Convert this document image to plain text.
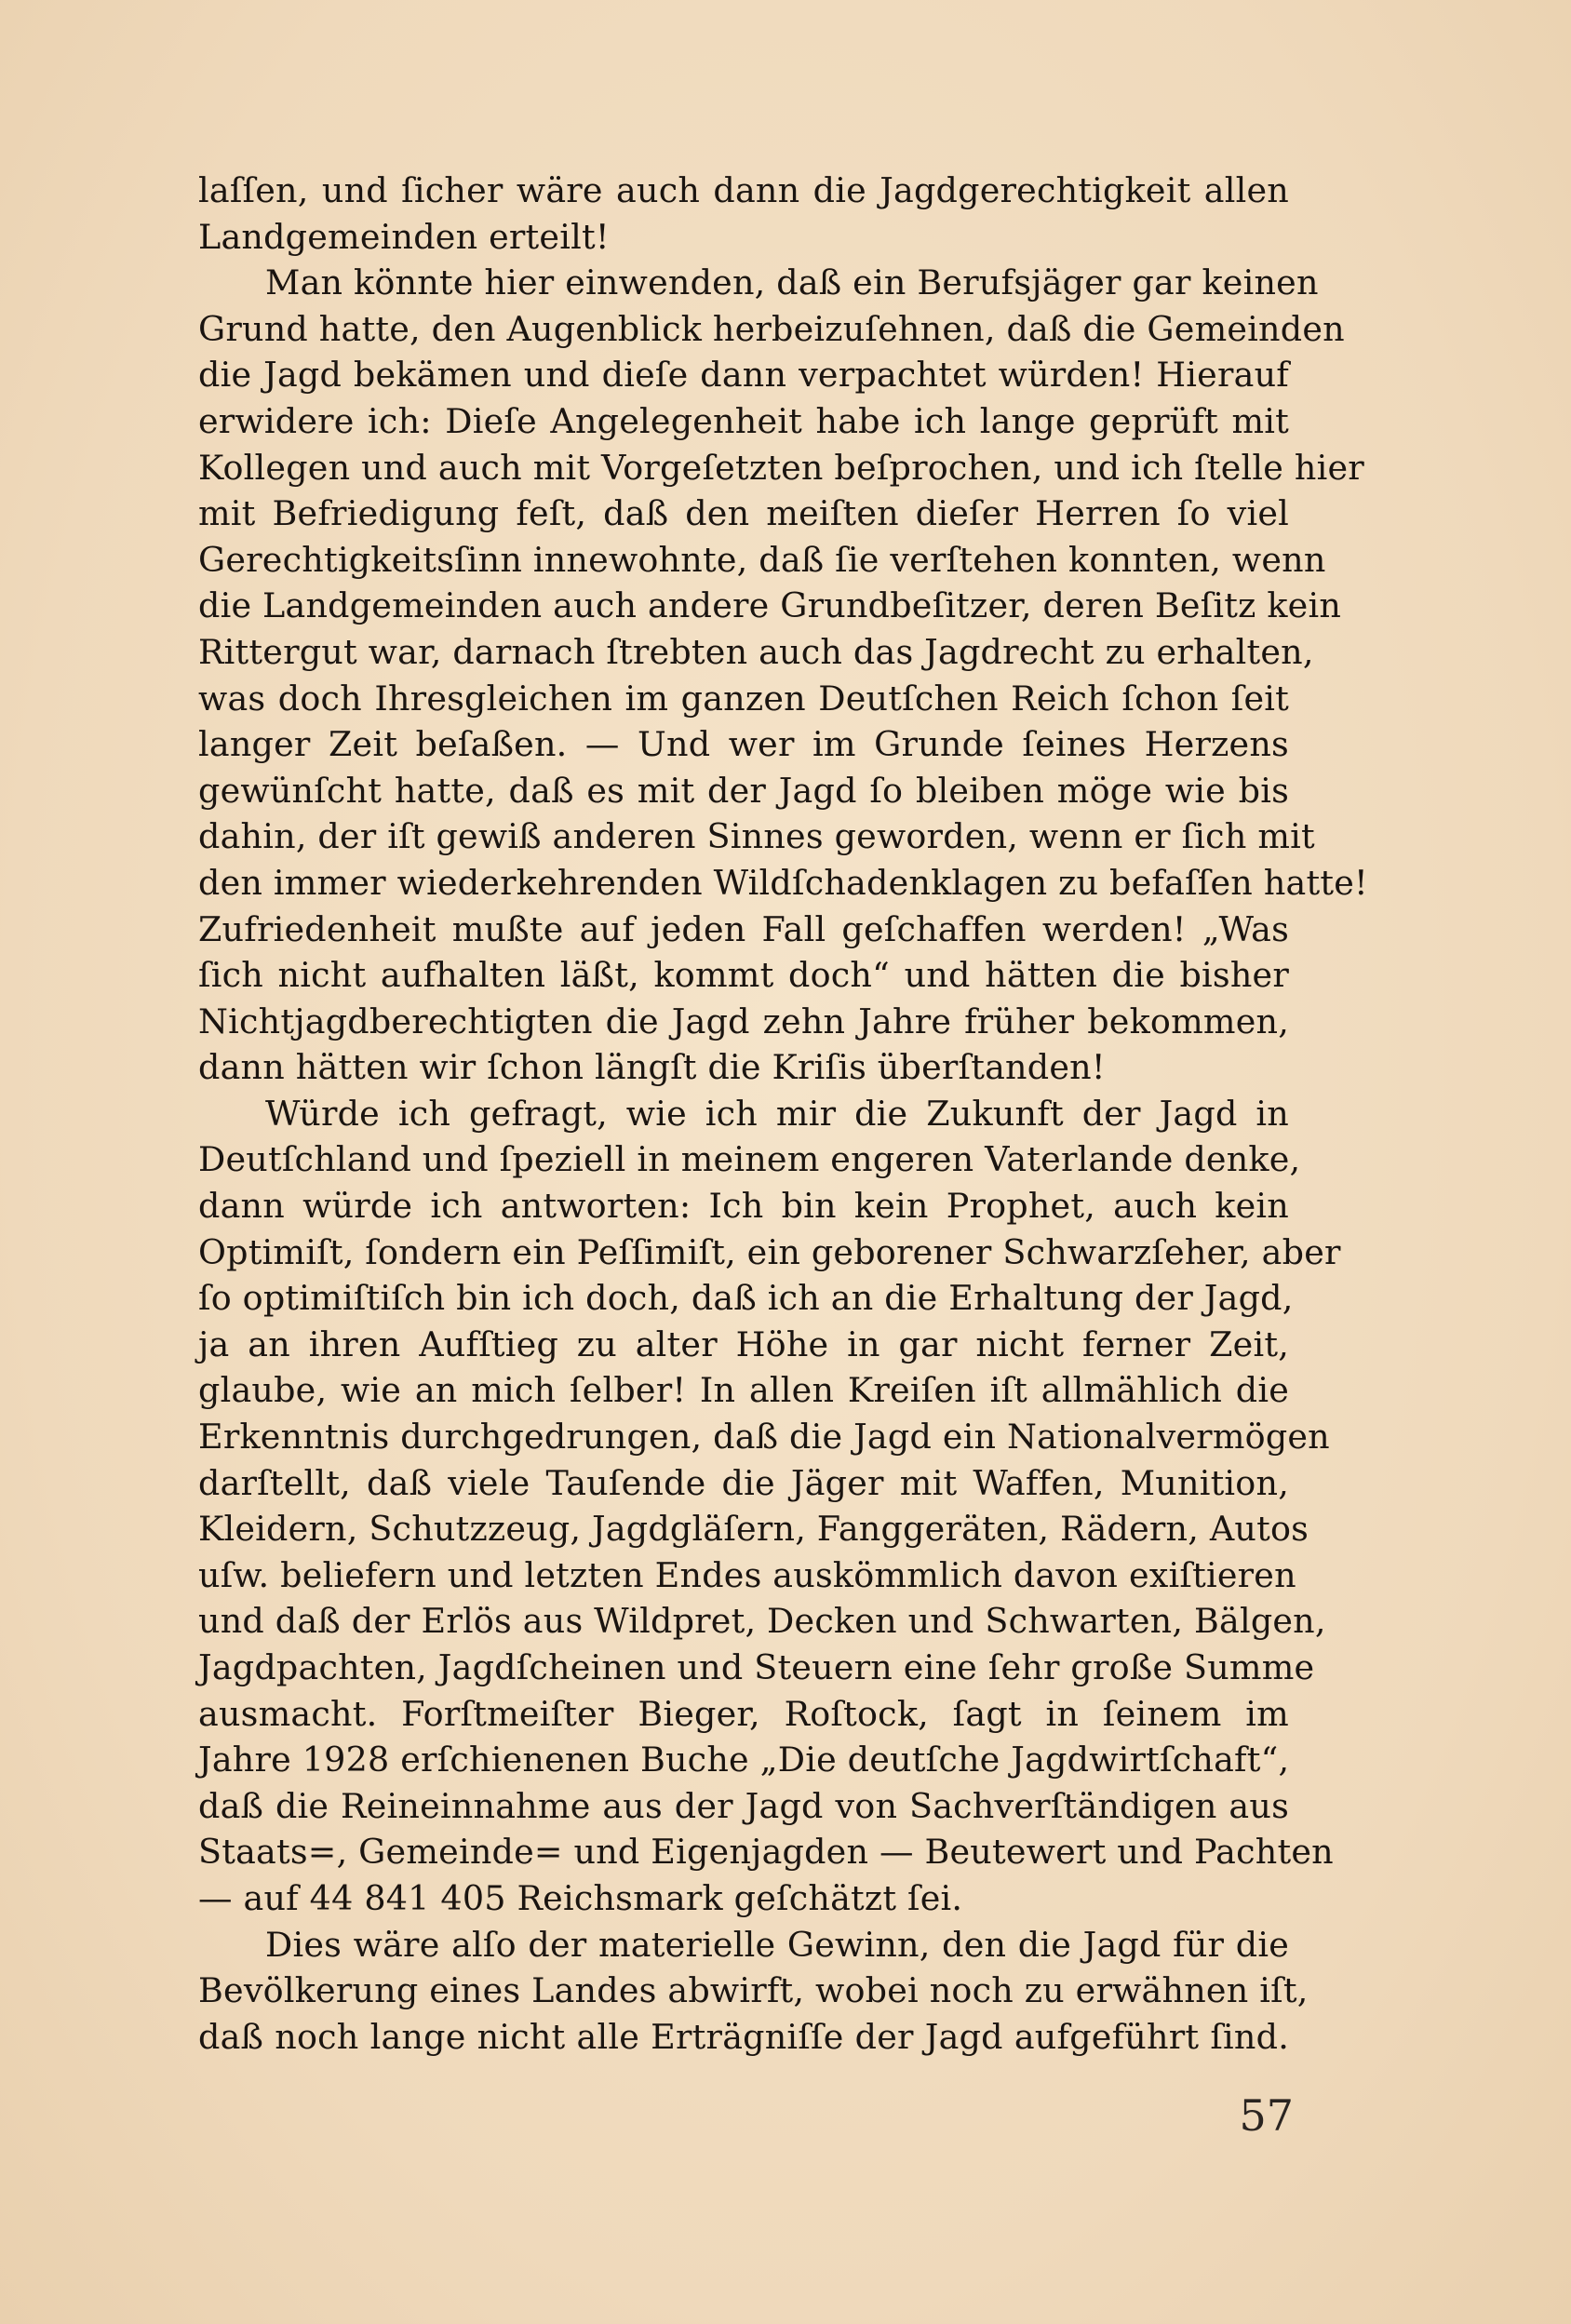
laſſen, und ſicher wäre auch dann die Jagdgerechtigkeit allen
Landgemeinden erteilt!
Man könnte hier einwenden, daß ein Berufsjäger gar keinen
Grund hatte, den Augenblick herbeizuſehnen, daß die Gemeinden
die Jagd bekämen und dieſe dann verpachtet würden! Hierauf
erwidere ich: Dieſe Angelegenheit habe ich lange geprüft mit
Kollegen und auch mit Vorgeſetzten beſprochen, und ich ſtelle hier
mit Befriedigung feſt, daß den meiſten dieſer Herren ſo viel
Gerechtigkeitsſinn innewohnte, daß ſie verſtehen konnten, wenn
die Landgemeinden auch andere Grundbeſitzer, deren Beſitz kein
Rittergut war, darnach ſtrebten auch das Jagdrecht zu erhalten,
was doch Ihresgleichen im ganzen Deutſchen Reich ſchon ſeit
langer Zeit beſaßen. — Und wer im Grunde ſeines Herzens
gewünſcht hatte, daß es mit der Jagd ſo bleiben möge wie bis
dahin, der iſt gewiß anderen Sinnes geworden, wenn er ſich mit
den immer wiederkehrenden Wildſchadenklagen zu befaſſen hatte!
Zufriedenheit mußte auf jeden Fall geſchaffen werden! „Was
ſich nicht aufhalten läßt, kommt doch“ und hätten die bisher
Nichtjagdberechtigten die Jagd zehn Jahre früher bekommen,
dann hätten wir ſchon längſt die Kriſis überſtanden!
Würde ich gefragt, wie ich mir die Zukunft der Jagd in
Deutſchland und ſpeziell in meinem engeren Vaterlande denke,
dann würde ich antworten: Ich bin kein Prophet, auch kein
Optimiſt, ſondern ein Peſſimiſt, ein geborener Schwarzſeher, aber
ſo optimiſtiſch bin ich doch, daß ich an die Erhaltung der Jagd,
ja an ihren Aufſtieg zu alter Höhe in gar nicht ferner Zeit,
glaube, wie an mich ſelber! In allen Kreiſen iſt allmählich die
Erkenntnis durchgedrungen, daß die Jagd ein Nationalvermögen
darſtellt, daß viele Tauſende die Jäger mit Waffen, Munition,
Kleidern, Schutzzeug, Jagdgläſern, Fanggeräten, Rädern, Autos
uſw. beliefern und letzten Endes auskömmlich davon exiſtieren
und daß der Erlös aus Wildpret, Decken und Schwarten, Bälgen,
Jagdpachten, Jagdſcheinen und Steuern eine ſehr große Summe
ausmacht. Forſtmeiſter Bieger, Roſtock, ſagt in ſeinem im
Jahre 1928 erſchienenen Buche „Die deutſche Jagdwirtſchaft“,
daß die Reineinnahme aus der Jagd von Sachverſtändigen aus
Staats=, Gemeinde= und Eigenjagden — Beutewert und Pachten
— auf 44 841 405 Reichsmark geſchätzt ſei.
Dies wäre alſo der materielle Gewinn, den die Jagd für die
Bevölkerung eines Landes abwirft, wobei noch zu erwähnen iſt,
daß noch lange nicht alle Erträgniſſe der Jagd aufgeführt ſind.
57
